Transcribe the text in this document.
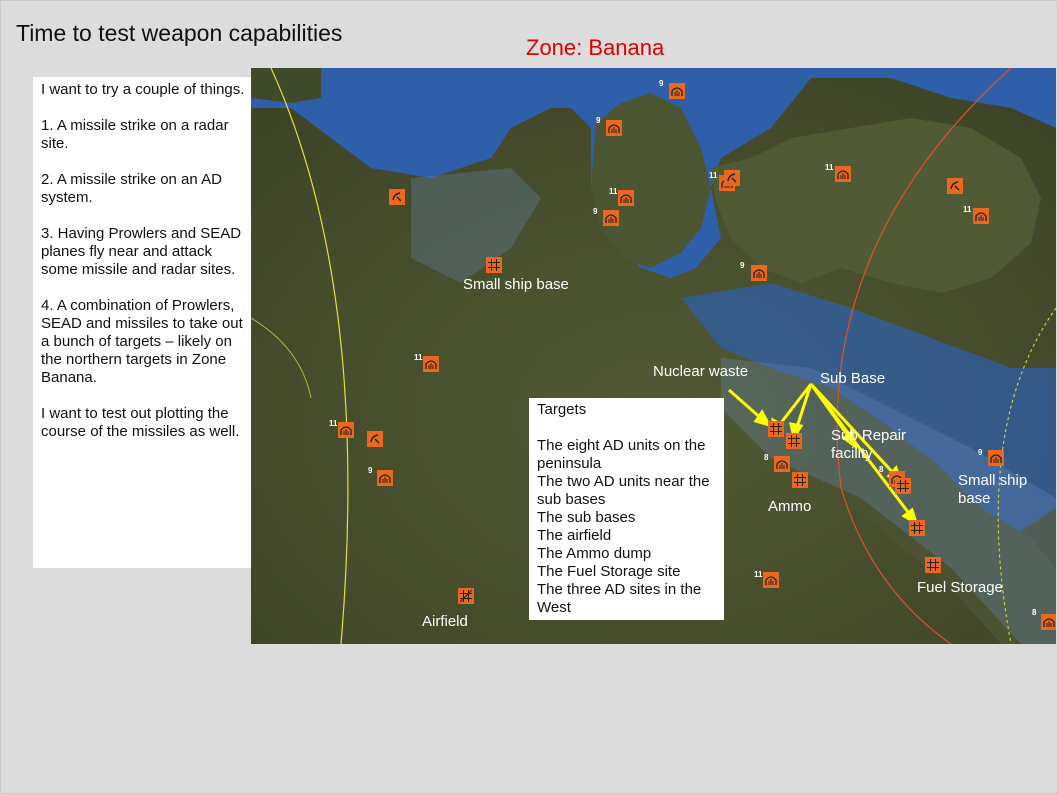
Time to test weapon capabilities
Zone: Banana

I want to try a couple of things.

1. A missile strike on a radar site.

2. A missile strike on an AD system.

3. Having Prowlers and SEAD planes fly near and attack some missile and radar sites.

4. A combination of Prowlers, SEAD and missiles to take out a bunch of targets – likely on the northern targets in Zone Banana.

I want to test out plotting the course of the missiles as well.

9
9
11
9
11
11
11
9
11
11
9
8
8
9
11
8
Small ship base
Nuclear waste	Sub Base
Sub Repair facility
Ammo
Small ship base
Fuel Storage
Airfield
Targets
The eight AD units on the peninsula
The two AD units near the sub bases
The sub bases
The airfield
The Ammo dump
The Fuel Storage site
The three AD sites in the West
